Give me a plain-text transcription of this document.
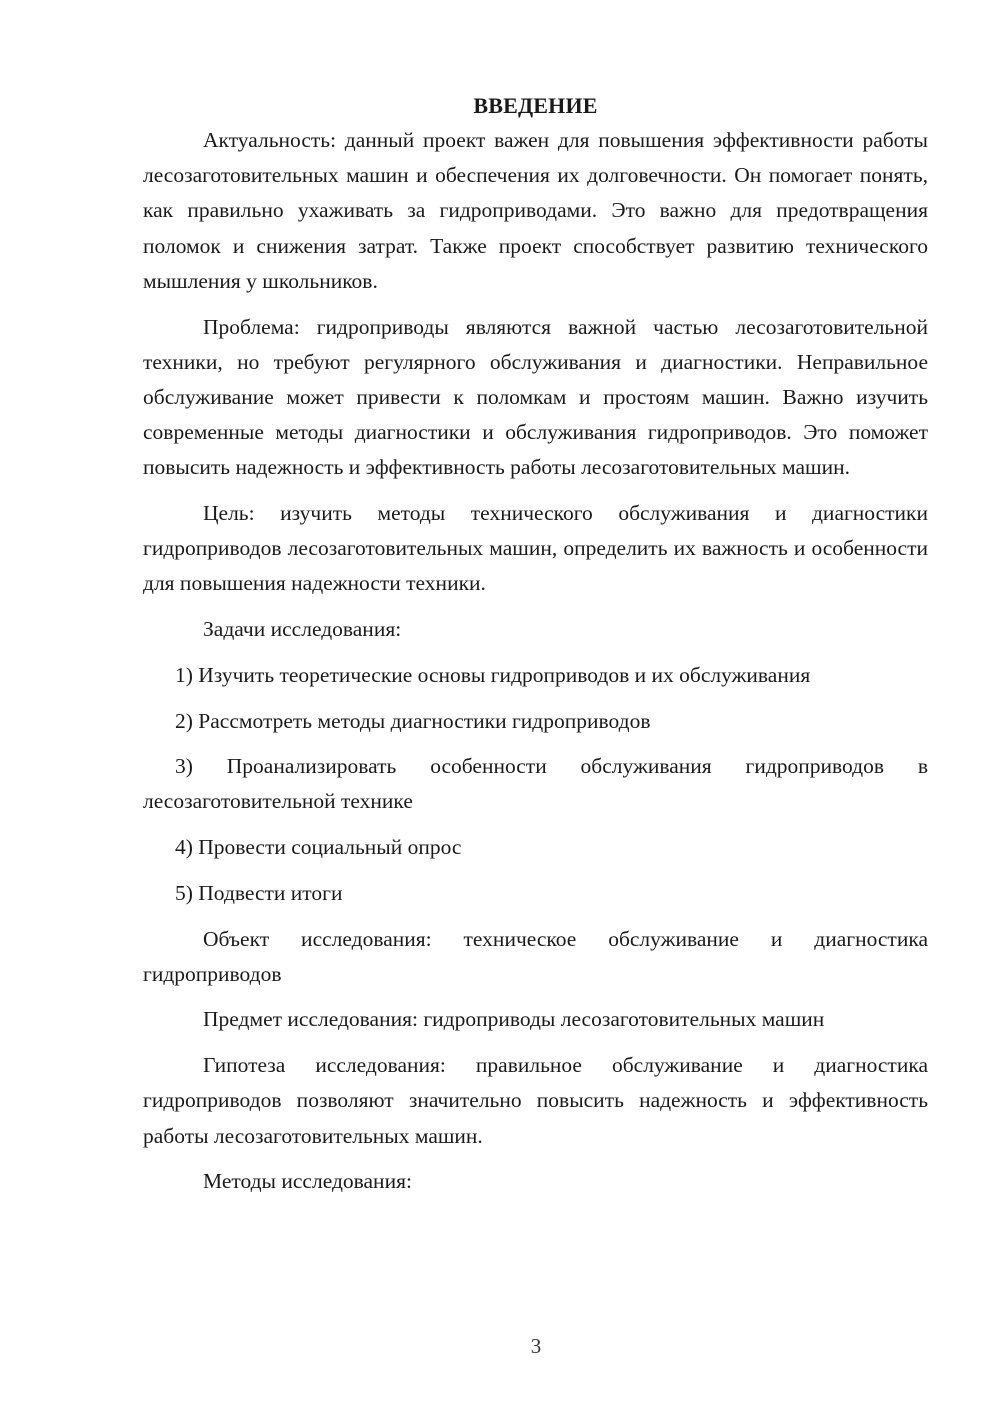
ВВЕДЕНИЕ

Актуальность: данный проект важен для повышения эффективности работы лесозаготовительных машин и обеспечения их долговечности. Он помогает понять, как правильно ухаживать за гидроприводами. Это важно для предотвращения поломок и снижения затрат. Также проект способствует развитию технического мышления у школьников.

Проблема: гидроприводы являются важной частью лесозаготовительной техники, но требуют регулярного обслуживания и диагностики. Неправильное обслуживание может привести к поломкам и простоям машин. Важно изучить современные методы диагностики и обслуживания гидроприводов. Это поможет повысить надежность и эффективность работы лесозаготовительных машин.

Цель: изучить методы технического обслуживания и диагностики гидроприводов лесозаготовительных машин, определить их важность и особенности для повышения надежности техники.

Задачи исследования:

1) Изучить теоретические основы гидроприводов и их обслуживания

2) Рассмотреть методы диагностики гидроприводов

3) Проанализировать особенности обслуживания гидроприводов в лесозаготовительной технике

4) Провести социальный опрос

5) Подвести итоги

Объект исследования: техническое обслуживание и диагностика гидроприводов

Предмет исследования: гидроприводы лесозаготовительных машин

Гипотеза исследования: правильное обслуживание и диагностика гидроприводов позволяют значительно повысить надежность и эффективность работы лесозаготовительных машин.

Методы исследования:

3
